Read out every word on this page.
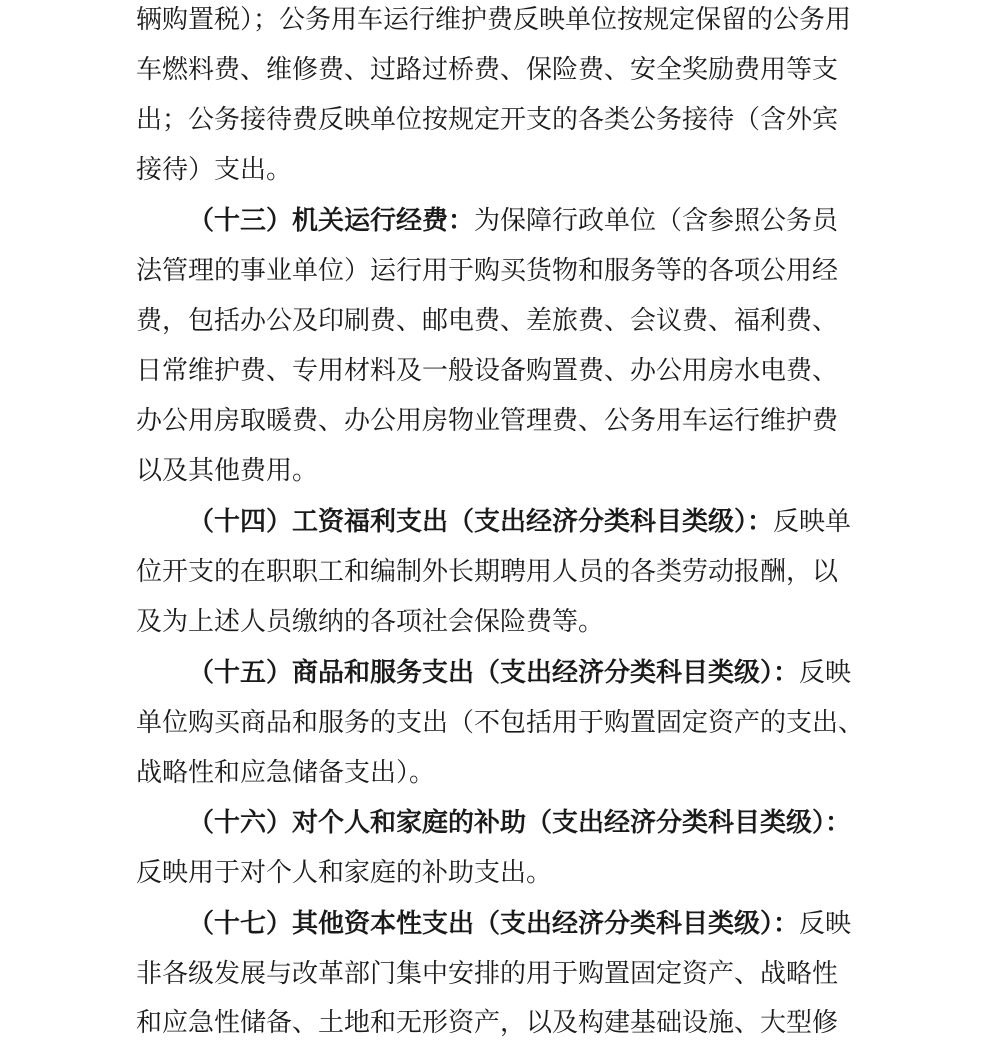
辆购置税）；公务用车运行维护费反映单位按规定保留的公务用
车燃料费、维修费、过路过桥费、保险费、安全奖励费用等支
出；公务接待费反映单位按规定开支的各类公务接待（含外宾
接待）支出。
（十三）机关运行经费：为保障行政单位（含参照公务员
法管理的事业单位）运行用于购买货物和服务等的各项公用经
费，包括办公及印刷费、邮电费、差旅费、会议费、福利费、
日常维护费、专用材料及一般设备购置费、办公用房水电费、
办公用房取暖费、办公用房物业管理费、公务用车运行维护费
以及其他费用。
（十四）工资福利支出（支出经济分类科目类级）：反映单
位开支的在职职工和编制外长期聘用人员的各类劳动报酬，以
及为上述人员缴纳的各项社会保险费等。
（十五）商品和服务支出（支出经济分类科目类级）：反映
单位购买商品和服务的支出（不包括用于购置固定资产的支出、
战略性和应急储备支出）。
（十六）对个人和家庭的补助（支出经济分类科目类级）：
反映用于对个人和家庭的补助支出。
（十七）其他资本性支出（支出经济分类科目类级）：反映
非各级发展与改革部门集中安排的用于购置固定资产、战略性
和应急性储备、土地和无形资产，以及构建基础设施、大型修
